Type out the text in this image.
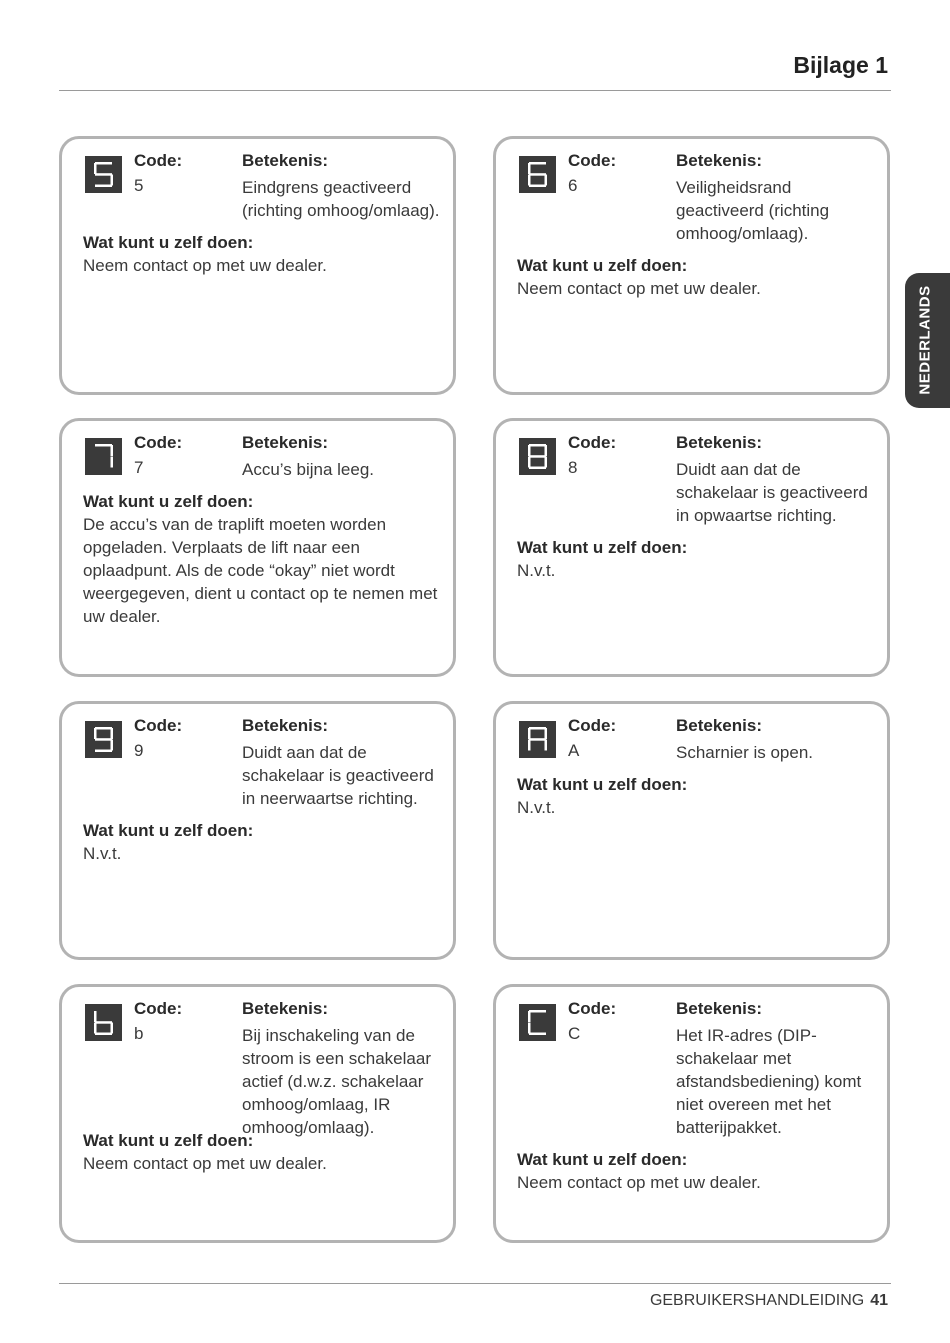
Bijlage 1
NEDERLANDS
Code:
5
Betekenis:
Eindgrens geactiveerd
(richting omhoog/omlaag).
Wat kunt u zelf doen:
Neem contact op met uw dealer.
Code:
6
Betekenis:
Veiligheidsrand
geactiveerd (richting
omhoog/omlaag).
Wat kunt u zelf doen:
Neem contact op met uw dealer.
Code:
7
Betekenis:
Accu’s bijna leeg.
Wat kunt u zelf doen:
De accu’s van de traplift moeten worden opgeladen. Verplaats de lift naar een oplaadpunt. Als de code “okay” niet wordt weergegeven, dient u contact op te nemen met uw dealer.
Code:
8
Betekenis:
Duidt aan dat de
schakelaar is geactiveerd
in opwaartse richting.
Wat kunt u zelf doen:
N.v.t.
Code:
9
Betekenis:
Duidt aan dat de
schakelaar is geactiveerd
in neerwaartse richting.
Wat kunt u zelf doen:
N.v.t.
Code:
A
Betekenis:
Scharnier is open.
Wat kunt u zelf doen:
N.v.t.
Code:
b
Betekenis:
Bij inschakeling van de
stroom is een schakelaar
actief (d.w.z. schakelaar
omhoog/omlaag, IR
omhoog/omlaag).
Wat kunt u zelf doen:
Neem contact op met uw dealer.
Code:
C
Betekenis:
Het IR-adres (DIP-
schakelaar met
afstandsbediening) komt
niet overeen met het
batterijpakket.
Wat kunt u zelf doen:
Neem contact op met uw dealer.
GEBRUIKERSHANDLEIDING 41
